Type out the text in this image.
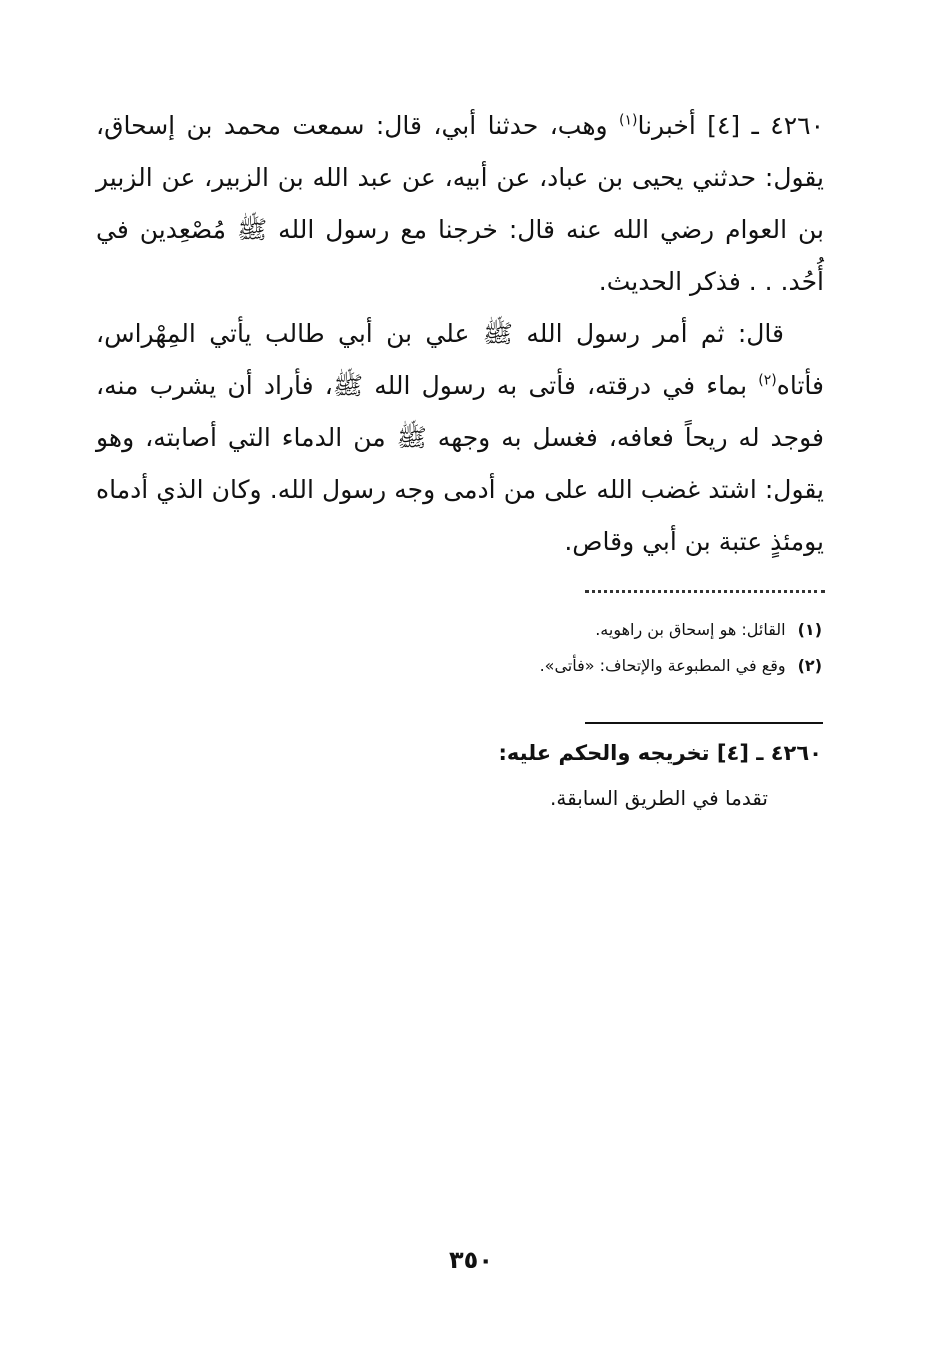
٤٢٦٠ ـ [٤] أخبرنا$^{(١)}$ وهب، حدثنا أبي، قال: سمعت محمد بن إسحاق، يقول: حدثني يحيى بن عباد، عن أبيه، عن عبد الله بن الزبير، عن الزبير بن العوام رضي الله عنه قال: خرجنا مع رسول الله ﷺ مُصْعِدين في أُحُد. . . فذكر الحديث.

قال: ثم أمر رسول الله ﷺ علي بن أبي طالب يأتي المِهْراس، فأتاه$^{(٢)}$ بماء في درقته، فأتى به رسول الله ﷺ، فأراد أن يشرب منه، فوجد له ريحاً فعافه، فغسل به وجهه ﷺ من الدماء التي أصابته، وهو يقول: اشتد غضب الله على من أدمى وجه رسول الله. وكان الذي أدماه يومئذٍ عتبة بن أبي وقاص.

(١)القائل: هو إسحاق بن راهويه.
(٢)وقع في المطبوعة والإتحاف: «فأتى».
٤٢٦٠ ـ [٤] تخريجه والحكم عليه:
تقدما في الطريق السابقة.
٣٥٠
